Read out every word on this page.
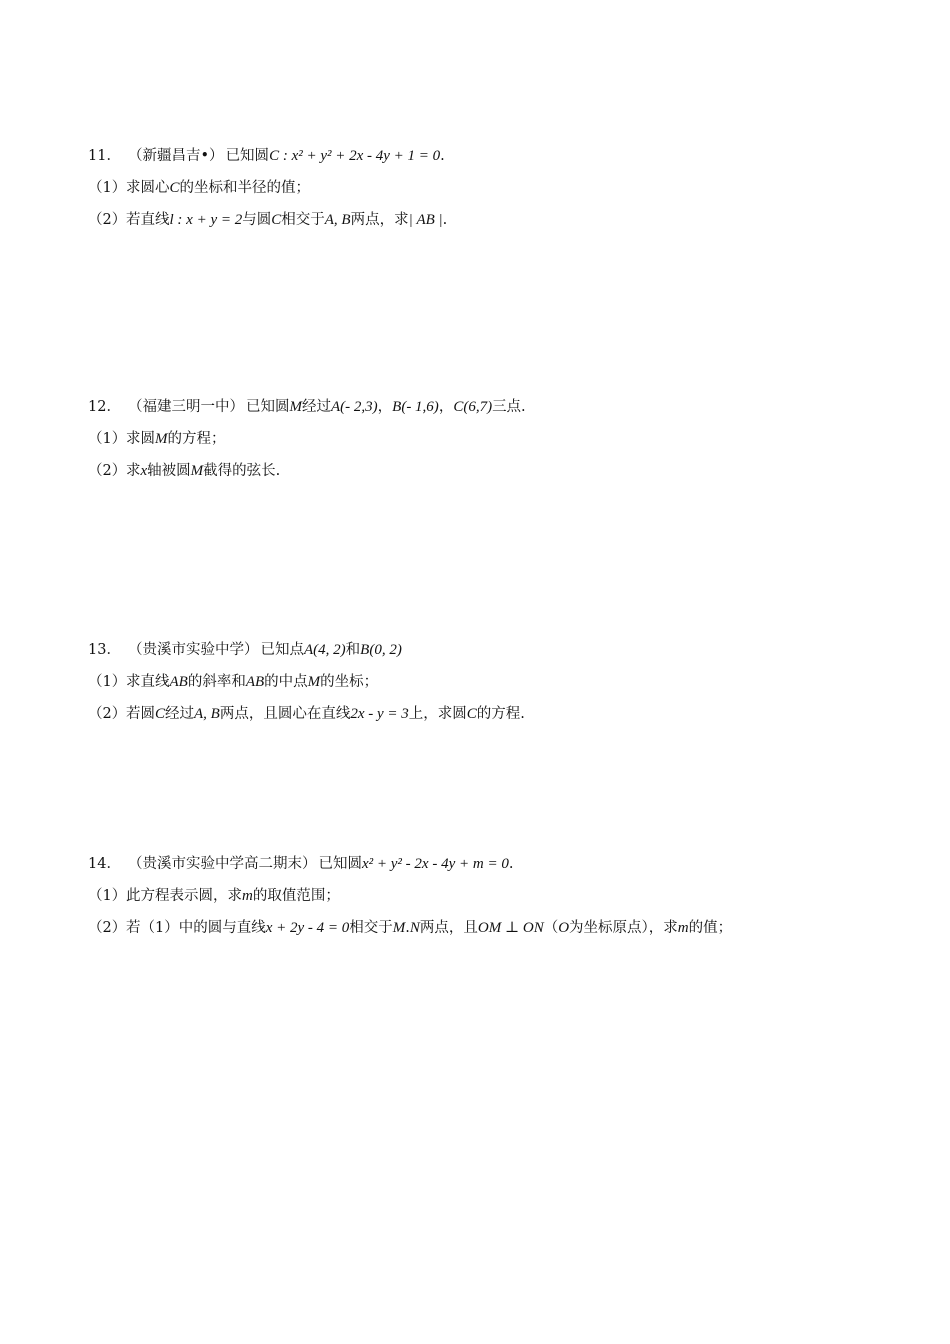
11． （新疆昌吉•） 已知圆C : x² + y² + 2x - 4y + 1 = 0.
（1）求圆心C的坐标和半径的值；
（2）若直线l : x + y = 2与圆C相交于A, B两点，求| AB |.
12． （福建三明一中） 已知圆M经过A(- 2,3)，B(- 1,6)，C(6,7)三点.
（1）求圆M的方程；
（2）求x轴被圆M截得的弦长.
13． （贵溪市实验中学） 已知点A(4, 2)和B(0, 2)
（1）求直线AB的斜率和AB的中点M的坐标；
（2）若圆C经过A, B两点，且圆心在直线2x - y = 3上，求圆C的方程.
14． （贵溪市实验中学高二期末） 已知圆x² + y² - 2x - 4y + m = 0.
（1）此方程表示圆，求m的取值范围；
（2）若（1）中的圆与直线x + 2y - 4 = 0相交于M.N两点，且OM ⊥ ON（O为坐标原点），求m的值；
